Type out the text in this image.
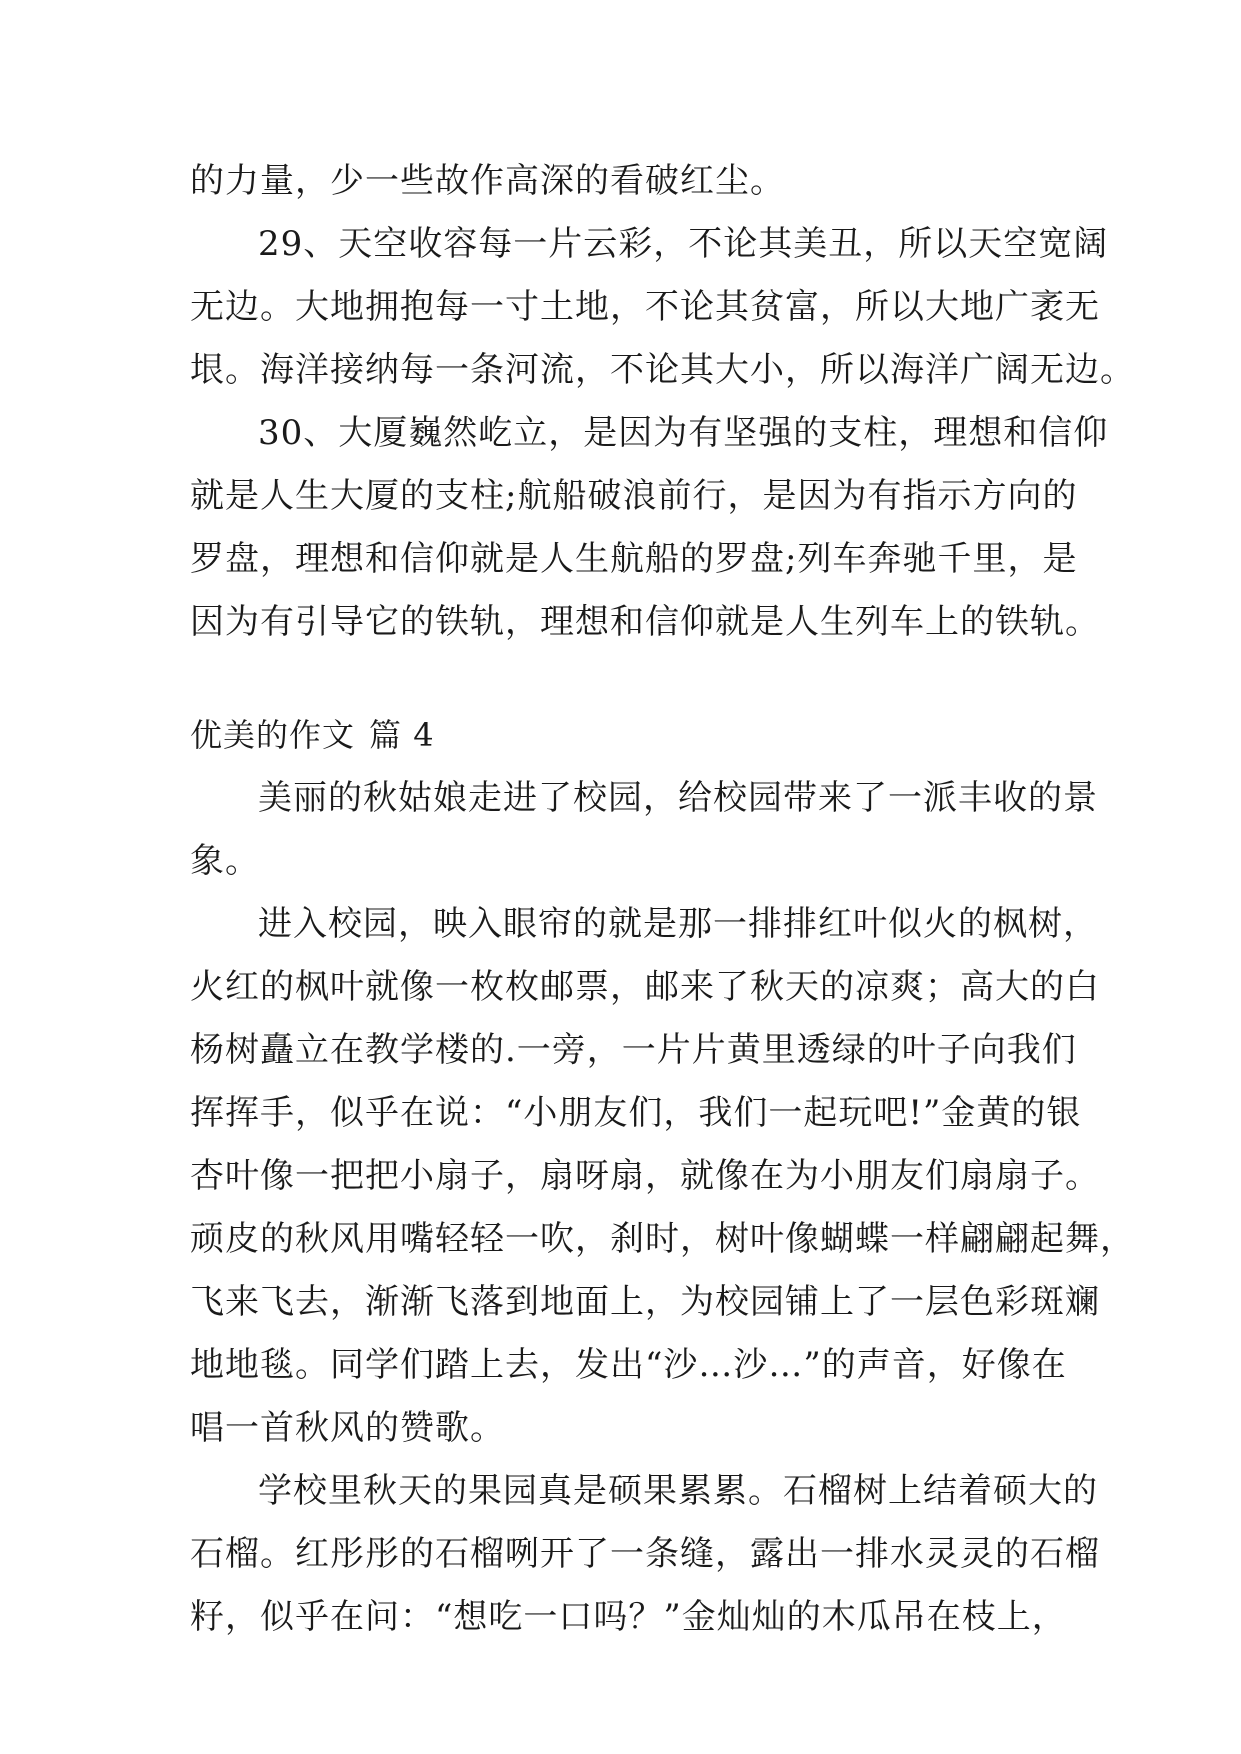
的力量，少一些故作高深的看破红尘。
29、天空收容每一片云彩，不论其美丑，所以天空宽阔
无边。大地拥抱每一寸土地，不论其贫富，所以大地广袤无
垠。海洋接纳每一条河流，不论其大小，所以海洋广阔无边。
30、大厦巍然屹立，是因为有坚强的支柱，理想和信仰
就是人生大厦的支柱;航船破浪前行，是因为有指示方向的
罗盘，理想和信仰就是人生航船的罗盘;列车奔驰千里，是
因为有引导它的铁轨，理想和信仰就是人生列车上的铁轨。
优美的作文 篇 4
美丽的秋姑娘走进了校园，给校园带来了一派丰收的景
象。
进入校园，映入眼帘的就是那一排排红叶似火的枫树，
火红的枫叶就像一枚枚邮票，邮来了秋天的凉爽；高大的白
杨树矗立在教学楼的.一旁，一片片黄里透绿的叶子向我们
挥挥手，似乎在说：“小朋友们，我们一起玩吧!”金黄的银
杏叶像一把把小扇子，扇呀扇，就像在为小朋友们扇扇子。
顽皮的秋风用嘴轻轻一吹，刹时，树叶像蝴蝶一样翩翩起舞，
飞来飞去，渐渐飞落到地面上，为校园铺上了一层色彩斑斓
地地毯。同学们踏上去，发出“沙…沙…”的声音，好像在
唱一首秋风的赞歌。
学校里秋天的果园真是硕果累累。石榴树上结着硕大的
石榴。红彤彤的石榴咧开了一条缝，露出一排水灵灵的石榴
籽，似乎在问：“想吃一口吗？”金灿灿的木瓜吊在枝上，
